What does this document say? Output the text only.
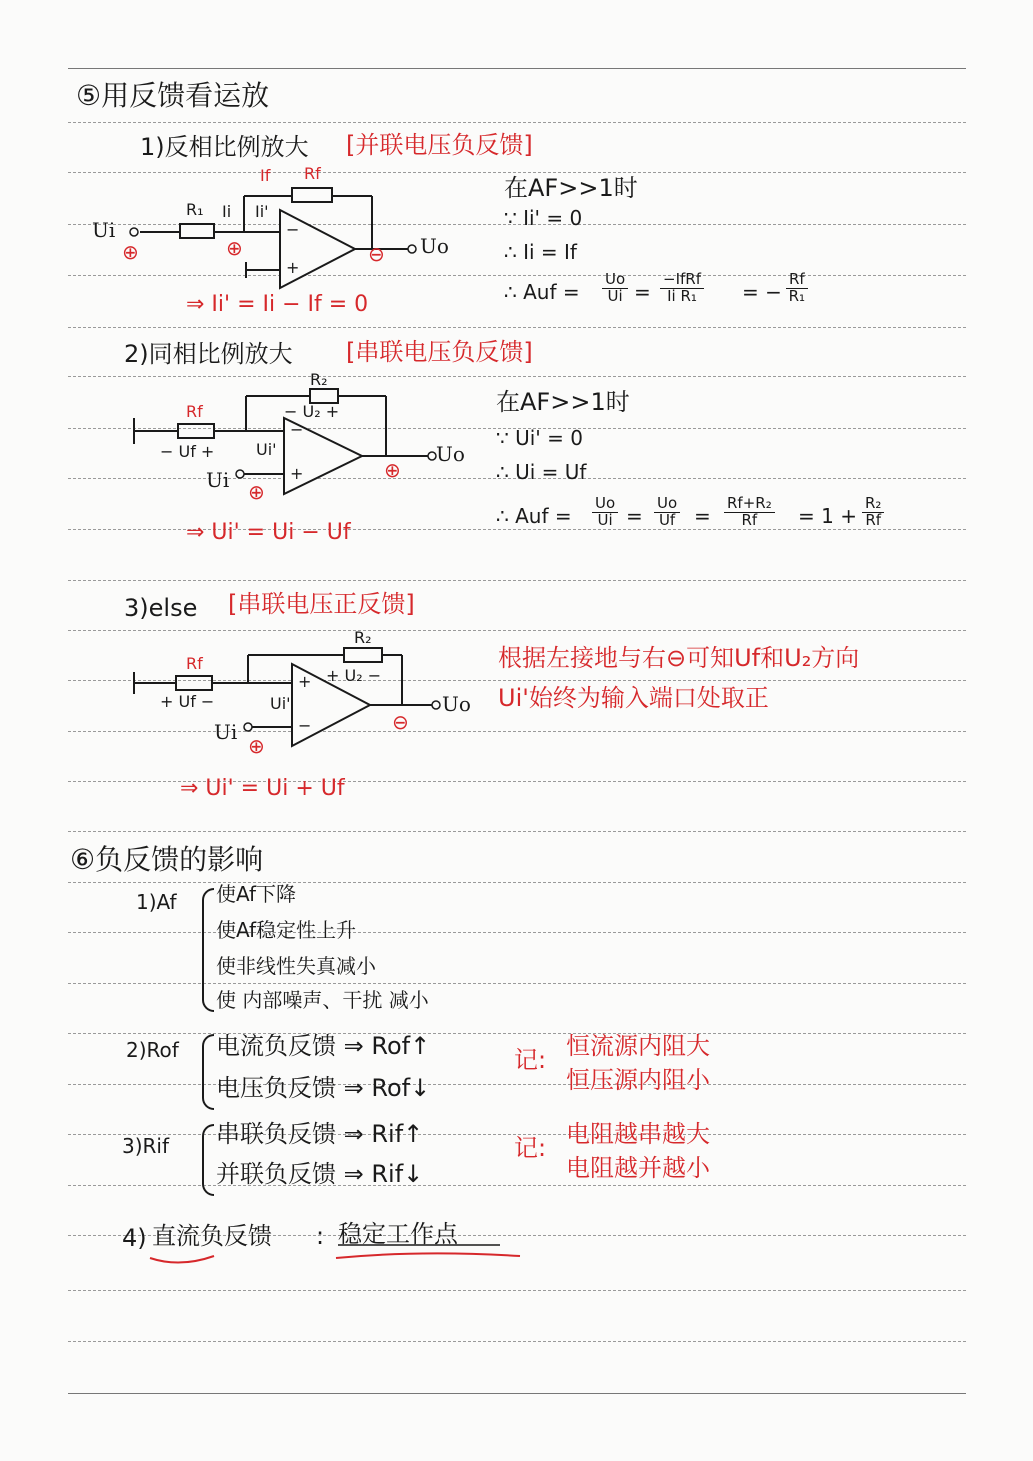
⑤用反馈看运放
1)反相比例放大 [并联电压负反馈]
Ui
R₁ Ii Ii'
If Rf
Uo
−
+
⊕	⊕	⊖
⇒ Ii' = Ii − If = 0
在AF>>1时
∵ Ii' = 0
∴ Ii = If
∴ Auf = $\frac{Uo}{Ui}$ =
−IfRf
Ii R₁ = − $\frac{Rf}{\text{R₁}}$
2)同相比例放大 [串联电压负反馈]
Rf
− Uf +
R₂
− U₂ +
Ui
Ui'	Uo
−
+
⊕
⊕
⇒ Ui' = Ui − Uf
在AF>>1时
∵ Ui' = 0
∴ Ui = Uf
∴ Auf = $\frac{Uo}{Ui} = \frac{Uo}{Uf} = \frac{\text{Rf+R₂}}{Rf} = 1 + \frac{\text{R₂}}{Rf}$
3)else [串联电压正反馈]
Rf
+ Uf −
R₂
+ U₂ −
Ui
Ui'	Uo
+
−
⊕
⊖
根据左接地与右⊖可知Uf和U₂方向
Ui'始终为输入端口处取正
⇒ Ui' = Ui + Uf
⑥负反馈的影响
1)Af 使Af下降
使Af稳定性上升
使非线性失真减小
使 内部噪声、干扰 减小
2)Rof 电流负反馈 ⇒ Rof↑
电压负反馈 ⇒ Rof↓
记: 恒流源内阻大
恒压源内阻小
3)Rif 串联负反馈 ⇒ Rif↑
并联负反馈 ⇒ Rif↓
记: 电阻越串越大
电阻越并越小
4) 直流负反馈 : 稳定工作点
